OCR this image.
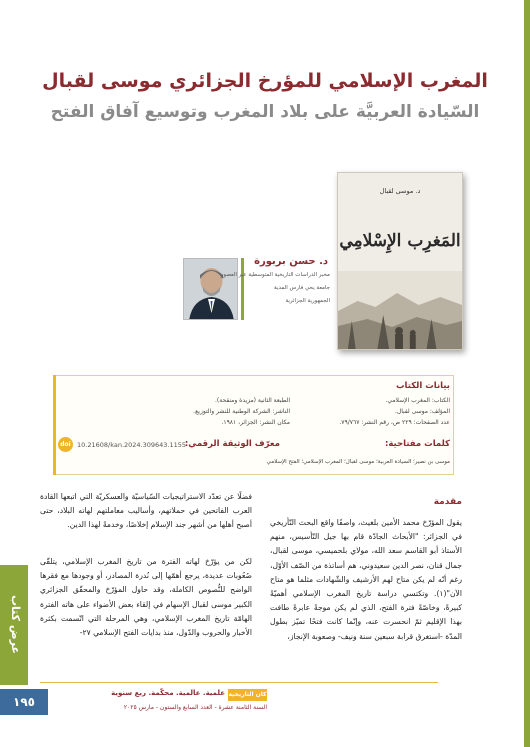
المغرب الإسلامي للمؤرخ الجزائري موسى لقبال
السّيادة العربيَّة على بلاد المغرب وتوسيع آفاق الفتح
د. موسى لقبال
المَغرِب الإِسْلامِي
د. حسن بربورة
مخبر الدراسات التاريخية المتوسطية عبر العصور
جامعة يحي فارس المدية
الجمهورية الجزائرية
بيانات الكتاب
الكتاب: المغرب الإسلامي.
المؤلف: موسى لقبال.
عدد الصفحات: ٢٢٩ ص، رقم النشر: ٧٩/٧٦٧.
الطبعة الثانية (مزيدة ومنقحة).
الناشر: الشركة الوطنية للنشر والتوزيع.
مكان النشر: الجزائر، ١٩٨١.
كلمات مفتاحية:
موسى بن نصير؛ السيادة العربية؛ موسى لقبال؛ المغرب الإسلامي؛ الفتح الإسلامي
معرّف الوثيقة الرقمي:
doi 10.21608/kan.2024.309643.1155
مقدمة
يقول المؤرّخ محمد الأمين بلغيث، واصفًا واقع البحث التّأريخي في الجزائر: "الأبحاث الجادّة قام بها جيل التّأسيس، منهم الأستاذ أبو القاسم سعد الله، مولاي بلحميسي، موسى لقبال، جمال قنان، نصر الدين سعيدوني، هم أساتذة من الصّف الأوّل، رغم أنّه لم يكن متاح لهم الأرشيف والشّهادات مثلما هو متاح الآن"(١). وتكتسي دراسة تاريخ المغرب الإسلامي أهميّةً كبيرةً، وخاصّةً فترة الفتح، الذي لم يكن موجةً عابرةً طافت بهذا الإقليم ثمّ انحسرت عنه، وإنّما كانت فتحًا تميّز بطول المدّة -استغرق قرابة سبعين سنة ونيف- وصعوبة الإنجاز،
فضلًا عن تعدّد الاستراتيجيات السّياسيّة والعسكريّة التي اتبعها القادة العرب الفاتحين في حملاتهم، وأساليب معاملتهم لهاته البلاد، حتى أصبح أهلها من أشهر جند الإسلام إخلاصًا، وخدمةً لهذا الدين.
لكن من يؤرّخ لهاته الفترة من تاريخ المغرب الإسلامي، يتلقّى صُعُوبات عديدة، يرجع أهمّها إلى نُدرة المصادر، أو وجودها مع فقرها الواضح للنُّصوص الكاملة، وقد حاول المؤرّخ والمحقّق الجزائري الكبير موسى لقبال الإسهام في إلقاء بعض الأضواء على هاته الفترة الهامّة تاريخ المغرب الإسلامي، وهي المرحلة التي اتّسمت بكثرة الأخبار والحروب والدّول، منذ بدايات الفتح الإسلامي ٢٧-
عرض كتاب
١٩٥
كان التاريخية
علمية. عالمية. محكّمة. ربع سنوية
السنة الثامنة عشرة - العدد السابع والستون - مارس ٢٠٢٥
